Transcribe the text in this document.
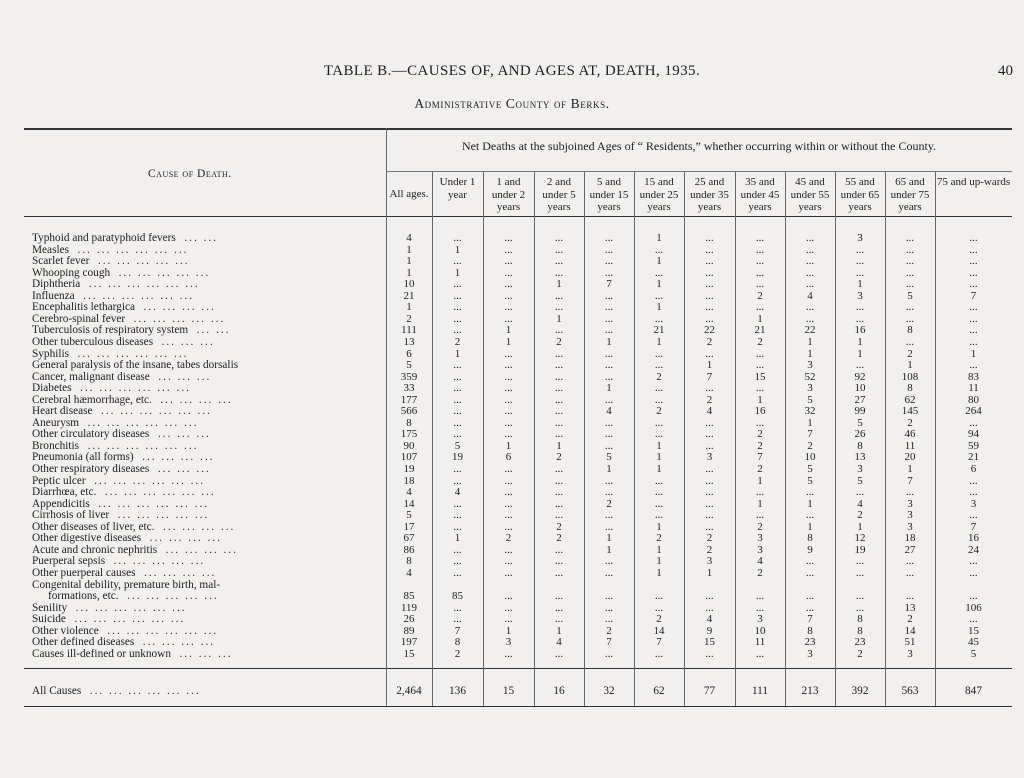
TABLE B.—CAUSES OF, AND AGES AT, DEATH, 1935.	40
Administrative County of Berks.
Cause of Death.
Net Deaths at the subjoined Ages of “ Residents,” whether occurring within or without the County.
All ages.
Under 1 year
1 and under 2 years
2 and under 5 years
5 and under 15 years
15 and under 25 years
25 and under 35 years
35 and under 45 years
45 and under 55 years
55 and under 65 years
65 and under 75 years
75 and up-wards
Typhoid and paratyphoid fevers ... ...	4	...	...	...	...	1	...	...	...	3	...	...
Measles ... ... ... ... ... ...	1	1	...	...	...	...	...	...	...	...	...	...
Scarlet fever ... ... ... ... ...	1	...	...	...	...	1	...	...	...	...	...	...
Whooping cough ... ... ... ... ...	1	1	...	...	...	...	...	...	...	...	...	...
Diphtheria ... ... ... ... ... ...	10	...	...	1	7	1	...	...	...	1	...	...
Influenza ... ... ... ... ... ...	21	...	...	...	...	...	...	2	4	3	5	7
Encephalitis lethargica ... ... ... ...	1	...	...	...	...	1	...	...	...	...	...	...
Cerebro-spinal fever ... ... ... ... ...	2	...	...	1	...	...	...	1	...	...	...	...
Tuberculosis of respiratory system ... ...	111	...	1	...	...	21	22	21	22	16	8	...
Other tuberculous diseases ... ... ...	13	2	1	2	1	1	2	2	1	1	...	...
Syphilis ... ... ... ... ... ...	6	1	...	...	...	...	...	...	1	1	2	1
General paralysis of the insane, tabes dorsalis	5	...	...	...	...	...	1	...	3	...	1	...
Cancer, malignant disease ... ... ...	359	...	...	...	...	2	7	15	52	92	108	83
Diabetes ... ... ... ... ... ...	33	...	...	...	1	...	...	...	3	10	8	11
Cerebral hæmorrhage, etc. ... ... ... ...	177	...	...	...	...	...	2	1	5	27	62	80
Heart disease ... ... ... ... ... ...	566	...	...	...	4	2	4	16	32	99	145	264
Aneurysm ... ... ... ... ... ...	8	...	...	...	...	...	...	...	1	5	2	...
Other circulatory diseases ... ... ...	175	...	...	...	...	...	...	2	7	26	46	94
Bronchitis ... ... ... ... ... ...	90	5	1	1	...	1	...	2	2	8	11	59
Pneumonia (all forms) ... ... ... ...	107	19	6	2	5	1	3	7	10	13	20	21
Other respiratory diseases ... ... ...	19	...	...	...	1	1	...	2	5	3	1	6
Peptic ulcer ... ... ... ... ... ...	18	...	...	...	...	...	...	1	5	5	7	...
Diarrhœa, etc. ... ... ... ... ... ...	4	4	...	...	...	...	...	...	...	...	...	...
Appendicitis ... ... ... ... ... ...	14	...	...	...	2	...	...	1	1	4	3	3
Cirrhosis of liver ... ... ... ... ...	5	...	...	...	...	...	...	...	...	2	3	...
Other diseases of liver, etc. ... ... ... ...	17	...	...	2	...	1	...	2	1	1	3	7
Other digestive diseases ... ... ... ...	67	1	2	2	1	2	2	3	8	12	18	16
Acute and chronic nephritis ... ... ... ...	86	...	...	...	1	1	2	3	9	19	27	24
Puerperal sepsis ... ... ... ... ...	8	...	...	...	...	1	3	4	...	...	...	...
Other puerperal causes ... ... ... ...	4	...	...	...	...	1	1	2	...	...	...	...
Congenital debility, premature birth, mal-
formations, etc. ... ... ... ... ...	85	85	...	...	...	...	...	...	...	...	...	...
Senility ... ... ... ... ... ...	119	...	...	...	...	...	...	...	...	...	13	106
Suicide ... ... ... ... ... ...	26	...	...	...	...	2	4	3	7	8	2	...
Other violence ... ... ... ... ... ...	89	7	1	1	2	14	9	10	8	8	14	15
Other defined diseases ... ... ... ...	197	8	3	4	7	7	15	11	23	23	51	45
Causes ill-defined or unknown ... ... ...	15	2	...	...	...	...	...	...	3	2	3	5
All Causes ... ... ... ... ... ...	2,464	136	15	16	32	62	77	111	213	392	563	847
